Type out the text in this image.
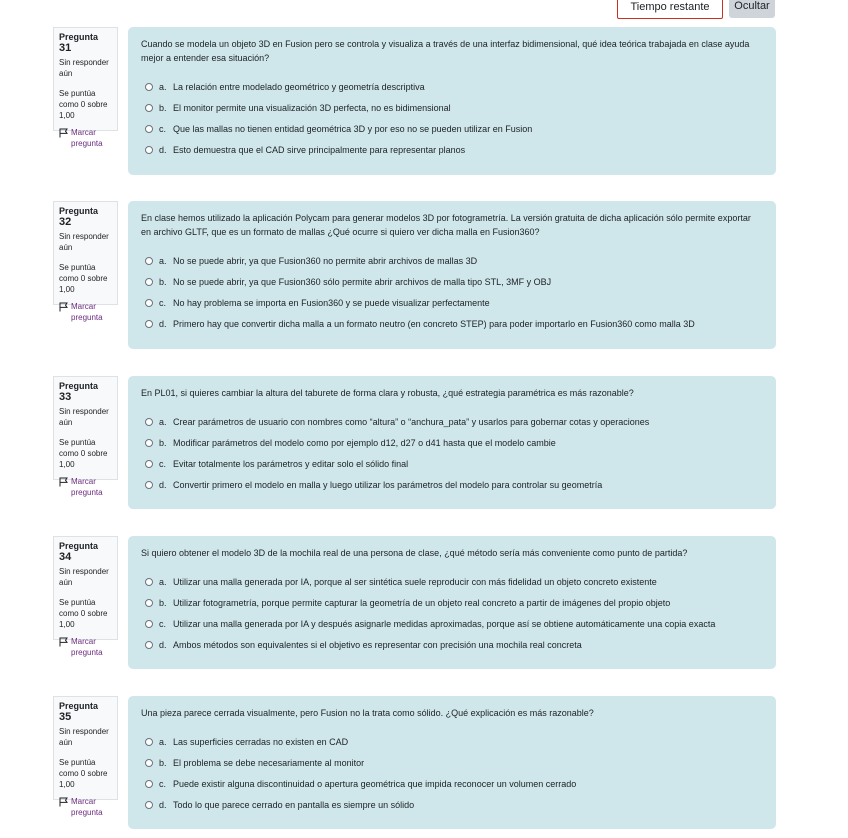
Tiempo restante	Ocultar
Pregunta 31
Sin responder aún
Se puntúa como 0 sobre 1,00
Marcar pregunta
Cuando se modela un objeto 3D en Fusion pero se controla y visualiza a través de una interfaz bidimensional, qué idea teórica trabajada en clase ayuda mejor a entender esa situación?
a. La relación entre modelado geométrico y geometría descriptiva
b. El monitor permite una visualización 3D perfecta, no es bidimensional
c. Que las mallas no tienen entidad geométrica 3D y por eso no se pueden utilizar en Fusion
d. Esto demuestra que el CAD sirve principalmente para representar planos
Pregunta 32
Sin responder aún
Se puntúa como 0 sobre 1,00
Marcar pregunta
En clase hemos utilizado la aplicación Polycam para generar modelos 3D por fotogrametría. La versión gratuita de dicha aplicación sólo permite exportar en archivo GLTF, que es un formato de mallas ¿Qué ocurre si quiero ver dicha malla en Fusion360?
a. No se puede abrir, ya que Fusion360 no permite abrir archivos de mallas 3D
b. No se puede abrir, ya que Fusion360 sólo permite abrir archivos de malla tipo STL, 3MF y OBJ
c. No hay problema se importa en Fusion360 y se puede visualizar perfectamente
d. Primero hay que convertir dicha malla a un formato neutro (en concreto STEP) para poder importarlo en Fusion360 como malla 3D
Pregunta 33
Sin responder aún
Se puntúa como 0 sobre 1,00
Marcar pregunta
En PL01, si quieres cambiar la altura del taburete de forma clara y robusta, ¿qué estrategia paramétrica es más razonable?
a. Crear parámetros de usuario con nombres como “altura” o “anchura_pata” y usarlos para gobernar cotas y operaciones
b. Modificar parámetros del modelo como por ejemplo d12, d27 o d41 hasta que el modelo cambie
c. Evitar totalmente los parámetros y editar solo el sólido final
d. Convertir primero el modelo en malla y luego utilizar los parámetros del modelo para controlar su geometría
Pregunta 34
Sin responder aún
Se puntúa como 0 sobre 1,00
Marcar pregunta
Si quiero obtener el modelo 3D de la mochila real de una persona de clase, ¿qué método sería más conveniente como punto de partida?
a. Utilizar una malla generada por IA, porque al ser sintética suele reproducir con más fidelidad un objeto concreto existente
b. Utilizar fotogrametría, porque permite capturar la geometría de un objeto real concreto a partir de imágenes del propio objeto
c. Utilizar una malla generada por IA y después asignarle medidas aproximadas, porque así se obtiene automáticamente una copia exacta
d. Ambos métodos son equivalentes si el objetivo es representar con precisión una mochila real concreta
Pregunta 35
Sin responder aún
Se puntúa como 0 sobre 1,00
Marcar pregunta
Una pieza parece cerrada visualmente, pero Fusion no la trata como sólido. ¿Qué explicación es más razonable?
a. Las superficies cerradas no existen en CAD
b. El problema se debe necesariamente al monitor
c. Puede existir alguna discontinuidad o apertura geométrica que impida reconocer un volumen cerrado
d. Todo lo que parece cerrado en pantalla es siempre un sólido
